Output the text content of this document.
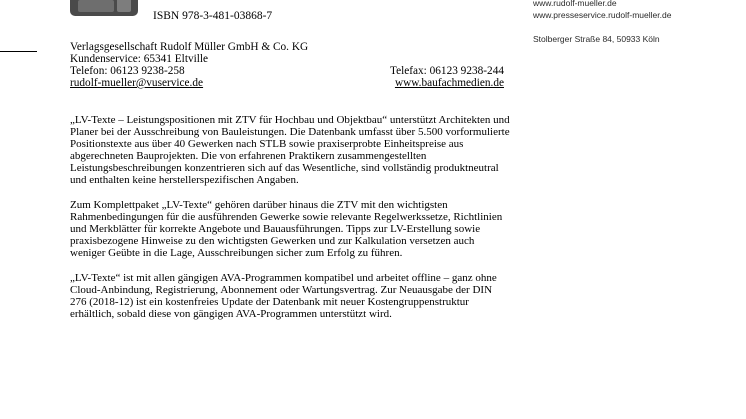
ISBN 978-3-481-03868-7
www.rudolf-mueller.de
www.presseservice.rudolf-mueller.de
Stolberger Straße 84, 50933 Köln
Verlagsgesellschaft Rudolf Müller GmbH & Co. KG
Kundenservice: 65341 Eltville
Telefon: 06123 9238-258	Telefax: 06123 9238-244
rudolf-mueller@vuservice.de	www.baufachmedien.de

„LV-Texte – Leistungspositionen mit ZTV für Hochbau und Objektbau“ unterstützt Architekten und Planer bei der Ausschreibung von Bauleistungen. Die Datenbank umfasst über 5.500 vorformulierte Positionstexte aus über 40 Gewerken nach STLB sowie praxiserprobte Einheitspreise aus abgerechneten Bauprojekten. Die von erfahrenen Praktikern zusammengestellten Leistungsbeschreibungen konzentrieren sich auf das Wesentliche, sind vollständig produktneutral und enthalten keine herstellerspezifischen Angaben.

Zum Komplettpaket „LV-Texte“ gehören darüber hinaus die ZTV mit den wichtigsten Rahmenbedingungen für die ausführenden Gewerke sowie relevante Regelwerkssetze, Richtlinien und Merkblätter für korrekte Angebote und Bauausführungen. Tipps zur LV-Erstellung sowie praxisbezogene Hinweise zu den wichtigsten Gewerken und zur Kalkulation versetzen auch weniger Geübte in die Lage, Ausschreibungen sicher zum Erfolg zu führen.

„LV-Texte“ ist mit allen gängigen AVA-Programmen kompatibel und arbeitet offline – ganz ohne Cloud-Anbindung, Registrierung, Abonnement oder Wartungsvertrag. Zur Neuausgabe der DIN 276 (2018-12) ist ein kostenfreies Update der Datenbank mit neuer Kostengruppenstruktur erhältlich, sobald diese von gängigen AVA-Programmen unterstützt wird.
